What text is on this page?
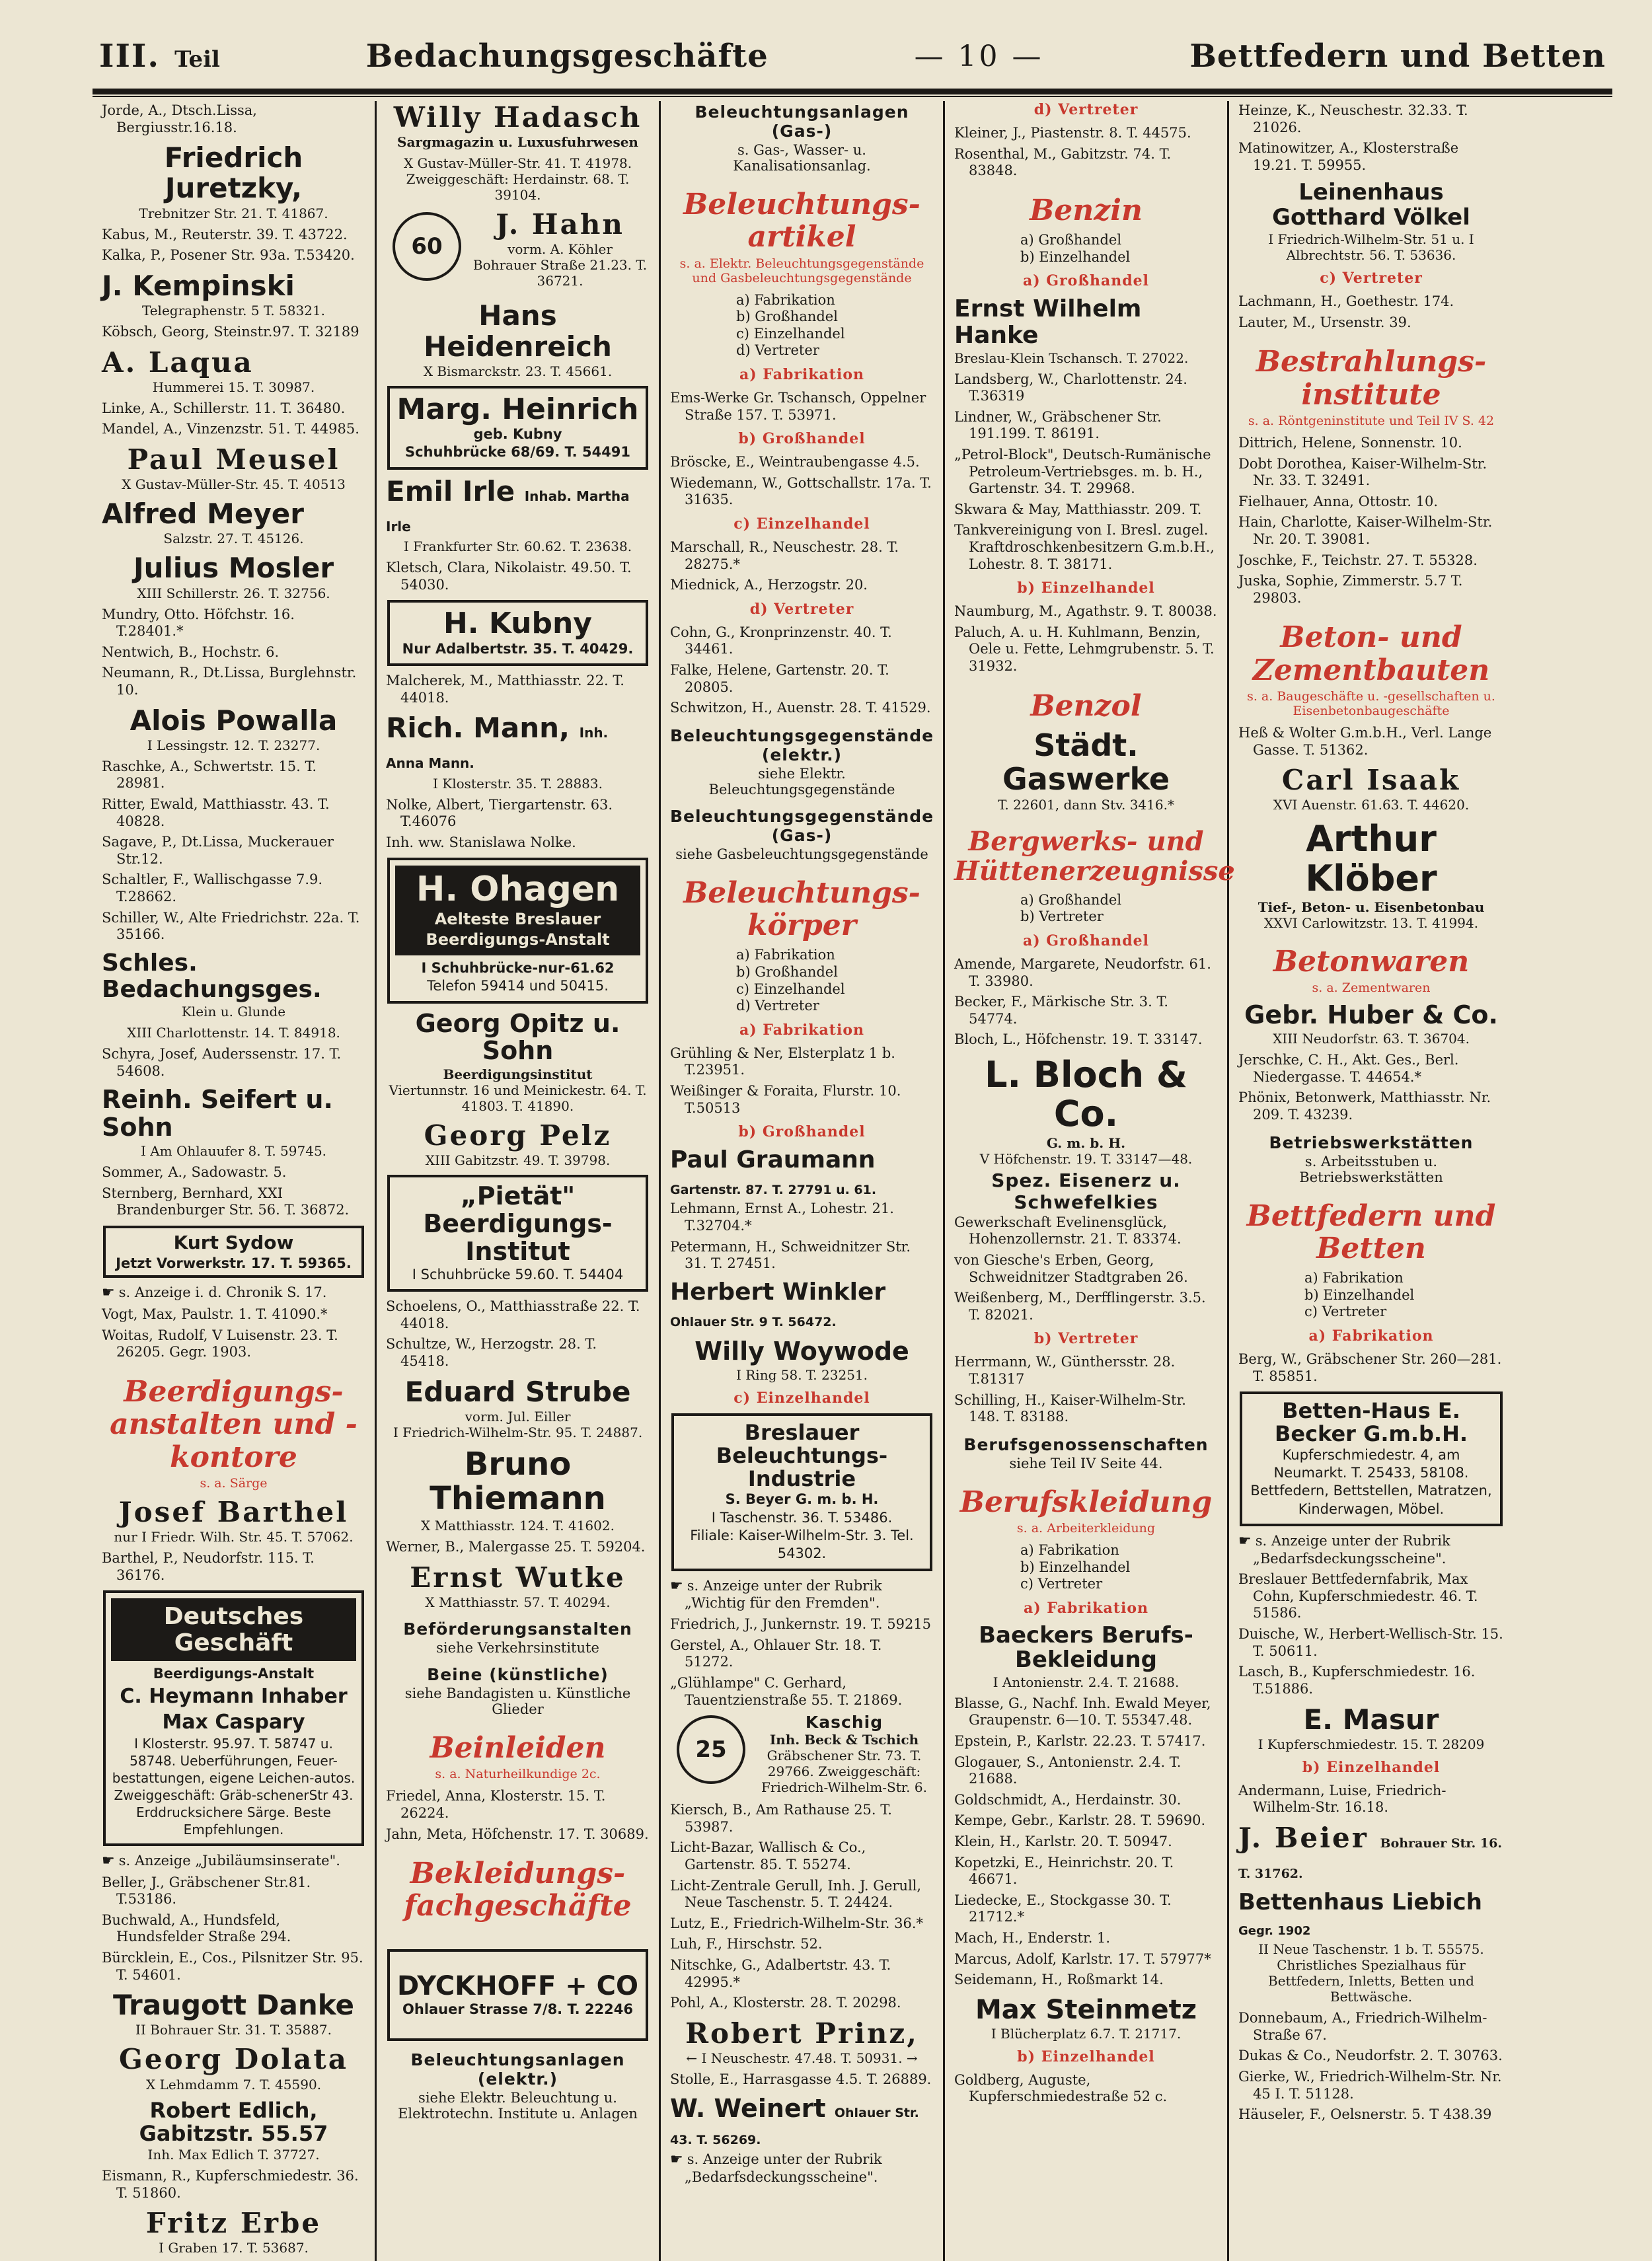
III. Teil	Bedachungsgeschäfte	— 10 —	Bettfedern und Betten
Jorde, A., Dtsch.Lissa, Bergiusstr.16.18.
Friedrich Juretzky,
Trebnitzer Str. 21. T. 41867.
Kabus, M., Reuterstr. 39. T. 43722.
Kalka, P., Posener Str. 93a. T.53420.
J. Kempinski
Telegraphenstr. 5 T. 58321.
Köbsch, Georg, Steinstr.97. T. 32189
A. Laqua
Hummerei 15. T. 30987.
Linke, A., Schillerstr. 11. T. 36480.
Mandel, A., Vinzenzstr. 51. T. 44985.
Paul Meusel
X Gustav-Müller-Str. 45. T. 40513
Alfred Meyer
Salzstr. 27. T. 45126.
Julius Mosler
XIII Schillerstr. 26. T. 32756.
Mundry, Otto. Höfchstr. 16. T.28401.*
Nentwich, B., Hochstr. 6.
Neumann, R., Dt.Lissa, Burglehnstr. 10.
Alois Powalla
I Lessingstr. 12. T. 23277.
Raschke, A., Schwertstr. 15. T. 28981.
Ritter, Ewald, Matthiasstr. 43. T. 40828.
Sagave, P., Dt.Lissa, Muckerauer Str.12.
Schaltler, F., Wallischgasse 7.9. T.28662.
Schiller, W., Alte Friedrichstr. 22a. T. 35166.
Schles. Bedachungsges.
Klein u. Glunde
XIII Charlottenstr. 14. T. 84918.
Schyra, Josef, Auderssenstr. 17. T. 54608.
Reinh. Seifert u. Sohn
I Am Ohlauufer 8. T. 59745.
Sommer, A., Sadowastr. 5.
Sternberg, Bernhard, XXI Brandenburger Str. 56. T. 36872.
Kurt Sydow
Jetzt Vorwerkstr. 17. T. 59365.
☛ s. Anzeige i. d. Chronik S. 17.
Vogt, Max, Paulstr. 1. T. 41090.*
Woitas, Rudolf, V Luisenstr. 23. T. 26205. Gegr. 1903.
Beerdigungs-anstalten und -kontore
s. a. Särge
Josef Barthel
nur I Friedr. Wilh. Str. 45. T. 57062.
Barthel, P., Neudorfstr. 115. T. 36176.
Deutsches Geschäft
Beerdigungs-Anstalt
C. Heymann Inhaber Max Caspary
I Klosterstr. 95.97. T. 58747 u. 58748. Ueberführungen, Feuer-bestattungen, eigene Leichen-autos. Zweiggeschäft: Gräb-schenerStr 43. Erddrucksichere Särge. Beste Empfehlungen.
☛ s. Anzeige „Jubiläumsinserate".
Beller, J., Gräbschener Str.81. T.53186.
Buchwald, A., Hundsfeld, Hundsfelder Straße 294.
Bürcklein, E., Cos., Pilsnitzer Str. 95. T. 54601.
Traugott Danke
II Bohrauer Str. 31. T. 35887.
Georg Dolata
X Lehmdamm 7. T. 45590.
Robert Edlich, Gabitzstr. 55.57
Inh. Max Edlich T. 37727.
Eismann, R., Kupferschmiedestr. 36. T. 51860.
Fritz Erbe
I Graben 17. T. 53687.
Willy Hadasch
Sargmagazin u. Luxusfuhrwesen
X Gustav-Müller-Str. 41. T. 41978.
Zweiggeschäft: Herdainstr. 68. T. 39104.
60
J. Hahn
vorm. A. Köhler
Bohrauer Straße 21.23. T. 36721.
Hans Heidenreich
X Bismarckstr. 23. T. 45661.
Marg. Heinrich
geb. Kubny
Schuhbrücke 68/69. T. 54491
Emil Irle Inhab. Martha Irle
I Frankfurter Str. 60.62. T. 23638.
Kletsch, Clara, Nikolaistr. 49.50. T. 54030.
H. Kubny
Nur Adalbertstr. 35. T. 40429.
Malcherek, M., Matthiasstr. 22. T. 44018.
Rich. Mann, Inh. Anna Mann.
I Klosterstr. 35. T. 28883.
Nolke, Albert, Tiergartenstr. 63. T.46076
Inh. ww. Stanislawa Nolke.
H. Ohagen
Aelteste Breslauer
Beerdigungs-Anstalt
I Schuhbrücke-nur-61.62
Telefon 59414 und 50415.
Georg Opitz u. Sohn
Beerdigungsinstitut
Viertunnstr. 16 und Meinickestr. 64. T. 41803. T. 41890.
Georg Pelz
XIII Gabitzstr. 49. T. 39798.
„Pietät" Beerdigungs-Institut
I Schuhbrücke 59.60. T. 54404
Schoelens, O., Matthiasstraße 22. T. 44018.
Schultze, W., Herzogstr. 28. T. 45418.
Eduard Strube
vorm. Jul. Eiller
I Friedrich-Wilhelm-Str. 95. T. 24887.
Bruno Thiemann
X Matthiasstr. 124. T. 41602.
Werner, B., Malergasse 25. T. 59204.
Ernst Wutke
X Matthiasstr. 57. T. 40294.
Beförderungsanstalten
siehe Verkehrsinstitute
Beine (künstliche)
siehe Bandagisten u. Künstliche Glieder
Beinleiden
s. a. Naturheilkundige 2c.
Friedel, Anna, Klosterstr. 15. T. 26224.
Jahn, Meta, Höfchenstr. 17. T. 30689.
Bekleidungs-fachgeschäfte
DYCKHOFF + CO
Ohlauer Strasse 7/8. T. 22246
Beleuchtungsanlagen (elektr.)
siehe Elektr. Beleuchtung u. Elektrotechn. Institute u. Anlagen
Beleuchtungsanlagen (Gas-)
s. Gas-, Wasser- u. Kanalisationsanlag.
Beleuchtungs-artikel
s. a. Elektr. Beleuchtungsgegenstände und Gasbeleuchtungsgegenstände
a) Fabrikation
b) Großhandel
c) Einzelhandel
d) Vertreter
a) Fabrikation
Ems-Werke Gr. Tschansch, Oppelner Straße 157. T. 53971.
b) Großhandel
Bröscke, E., Weintraubengasse 4.5.
Wiedemann, W., Gottschallstr. 17a. T. 31635.
c) Einzelhandel
Marschall, R., Neuschestr. 28. T. 28275.*
Miednick, A., Herzogstr. 20.
d) Vertreter
Cohn, G., Kronprinzenstr. 40. T. 34461.
Falke, Helene, Gartenstr. 20. T. 20805.
Schwitzon, H., Auenstr. 28. T. 41529.
Beleuchtungsgegenstände (elektr.)
siehe Elektr. Beleuchtungsgegenstände
Beleuchtungsgegenstände (Gas-)
siehe Gasbeleuchtungsgegenstände
Beleuchtungs-körper
a) Fabrikation
b) Großhandel
c) Einzelhandel
d) Vertreter
a) Fabrikation
Grühling & Ner, Elsterplatz 1 b. T.23951.
Weißinger & Foraita, Flurstr. 10. T.50513
b) Großhandel
Paul Graumann Gartenstr. 87. T. 27791 u. 61.
Lehmann, Ernst A., Lohestr. 21. T.32704.*
Petermann, H., Schweidnitzer Str. 31. T. 27451.
Herbert Winkler Ohlauer Str. 9 T. 56472.
Willy Woywode
I Ring 58. T. 23251.
c) Einzelhandel
Breslauer
Beleuchtungs-Industrie
S. Beyer G. m. b. H.
I Taschenstr. 36. T. 53486.
Filiale: Kaiser-Wilhelm-Str. 3. Tel. 54302.
☛ s. Anzeige unter der Rubrik „Wichtig für den Fremden".
Friedrich, J., Junkernstr. 19. T. 59215
Gerstel, A., Ohlauer Str. 18. T. 51272.
„Glühlampe" C. Gerhard, Tauentzienstraße 55. T. 21869.
25
Kaschig
Inh. Beck & Tschich
Gräbschener Str. 73. T. 29766. Zweiggeschäft: Friedrich-Wilhelm-Str. 6.
Kiersch, B., Am Rathause 25. T. 53987.
Licht-Bazar, Wallisch & Co., Gartenstr. 85. T. 55274.
Licht-Zentrale Gerull, Inh. J. Gerull, Neue Taschenstr. 5. T. 24424.
Lutz, E., Friedrich-Wilhelm-Str. 36.*
Luh, F., Hirschstr. 52.
Nitschke, G., Adalbertstr. 43. T. 42995.*
Pohl, A., Klosterstr. 28. T. 20298.
Robert Prinz,
← I Neuschestr. 47.48. T. 50931. →
Stolle, E., Harrasgasse 4.5. T. 26889.
W. Weinert Ohlauer Str. 43. T. 56269.
☛ s. Anzeige unter der Rubrik „Bedarfsdeckungsscheine".
d) Vertreter
Kleiner, J., Piastenstr. 8. T. 44575.
Rosenthal, M., Gabitzstr. 74. T. 83848.
Benzin
a) Großhandel
b) Einzelhandel
a) Großhandel
Ernst Wilhelm Hanke
Breslau-Klein Tschansch. T. 27022.
Landsberg, W., Charlottenstr. 24. T.36319
Lindner, W., Gräbschener Str. 191.199. T. 86191.
„Petrol-Block", Deutsch-Rumänische Petroleum-Vertriebsges. m. b. H., Gartenstr. 34. T. 29968.
Skwara & May, Matthiasstr. 209. T.
Tankvereinigung von I. Bresl. zugel. Kraftdroschkenbesitzern G.m.b.H., Lohestr. 8. T. 38171.
b) Einzelhandel
Naumburg, M., Agathstr. 9. T. 80038.
Paluch, A. u. H. Kuhlmann, Benzin, Oele u. Fette, Lehmgrubenstr. 5. T. 31932.
Benzol
Städt. Gaswerke
T. 22601, dann Stv. 3416.*
Bergwerks- und Hüttenerzeugnisse
a) Großhandel
b) Vertreter
a) Großhandel
Amende, Margarete, Neudorfstr. 61. T. 33980.
Becker, F., Märkische Str. 3. T. 54774.
Bloch, L., Höfchenstr. 19. T. 33147.
L. Bloch & Co.
G. m. b. H.
V Höfchenstr. 19. T. 33147—48.
Spez. Eisenerz u. Schwefelkies
Gewerkschaft Evelinensglück, Hohenzollernstr. 21. T. 83374.
von Giesche's Erben, Georg, Schweidnitzer Stadtgraben 26.
Weißenberg, M., Derfflingerstr. 3.5. T. 82021.
b) Vertreter
Herrmann, W., Günthersstr. 28. T.81317
Schilling, H., Kaiser-Wilhelm-Str. 148. T. 83188.
Berufsgenossenschaften
siehe Teil IV Seite 44.
Berufskleidung
s. a. Arbeiterkleidung
a) Fabrikation
b) Einzelhandel
c) Vertreter
a) Fabrikation
Baeckers Berufs-Bekleidung
I Antonienstr. 2.4. T. 21688.
Blasse, G., Nachf. Inh. Ewald Meyer, Graupenstr. 6—10. T. 55347.48.
Epstein, P., Karlstr. 22.23. T. 57417.
Glogauer, S., Antonienstr. 2.4. T. 21688.
Goldschmidt, A., Herdainstr. 30.
Kempe, Gebr., Karlstr. 28. T. 59690.
Klein, H., Karlstr. 20. T. 50947.
Kopetzki, E., Heinrichstr. 20. T. 46671.
Liedecke, E., Stockgasse 30. T. 21712.*
Mach, H., Enderstr. 1.
Marcus, Adolf, Karlstr. 17. T. 57977*
Seidemann, H., Roßmarkt 14.
Max Steinmetz
I Blücherplatz 6.7. T. 21717.
b) Einzelhandel
Goldberg, Auguste, Kupferschmiedestraße 52 c.
Heinze, K., Neuschestr. 32.33. T. 21026.
Matinowitzer, A., Klosterstraße 19.21. T. 59955.
Leinenhaus Gotthard Völkel
I Friedrich-Wilhelm-Str. 51 u. I Albrechtstr. 56. T. 53636.
c) Vertreter
Lachmann, H., Goethestr. 174.
Lauter, M., Ursenstr. 39.
Bestrahlungs-institute
s. a. Röntgeninstitute und Teil IV S. 42
Dittrich, Helene, Sonnenstr. 10.
Dobt Dorothea, Kaiser-Wilhelm-Str. Nr. 33. T. 32491.
Fielhauer, Anna, Ottostr. 10.
Hain, Charlotte, Kaiser-Wilhelm-Str. Nr. 20. T. 39081.
Joschke, F., Teichstr. 27. T. 55328.
Juska, Sophie, Zimmerstr. 5.7 T. 29803.
Beton- und Zementbauten
s. a. Baugeschäfte u. -gesellschaften u. Eisenbetonbaugeschäfte
Heß & Wolter G.m.b.H., Verl. Lange Gasse. T. 51362.
Carl Isaak
XVI Auenstr. 61.63. T. 44620.
Arthur Klöber
Tief-, Beton- u. Eisenbetonbau
XXVI Carlowitzstr. 13. T. 41994.
Betonwaren
s. a. Zementwaren
Gebr. Huber & Co.
XIII Neudorfstr. 63. T. 36704.
Jerschke, C. H., Akt. Ges., Berl. Niedergasse. T. 44654.*
Phönix, Betonwerk, Matthiasstr. Nr. 209. T. 43239.
Betriebswerkstätten
s. Arbeitsstuben u. Betriebswerkstätten
Bettfedern und Betten
a) Fabrikation
b) Einzelhandel
c) Vertreter
a) Fabrikation
Berg, W., Gräbschener Str. 260—281. T. 85851.
Betten-Haus E. Becker G.m.b.H.
Kupferschmiedestr. 4, am Neumarkt. T. 25433, 58108. Bettfedern, Bettstellen, Matratzen, Kinderwagen, Möbel.
☛ s. Anzeige unter der Rubrik „Bedarfsdeckungsscheine".
Breslauer Bettfedernfabrik, Max Cohn, Kupferschmiedestr. 46. T. 51586.
Duische, W., Herbert-Wellisch-Str. 15. T. 50611.
Lasch, B., Kupferschmiedestr. 16. T.51886.
E. Masur
I Kupferschmiedestr. 15. T. 28209
b) Einzelhandel
Andermann, Luise, Friedrich-Wilhelm-Str. 16.18.
J. Beier Bohrauer Str. 16. T. 31762.
Bettenhaus Liebich Gegr. 1902
II Neue Taschenstr. 1 b. T. 55575. Christliches Spezialhaus für Bettfedern, Inletts, Betten und Bettwäsche.
Donnebaum, A., Friedrich-Wilhelm-Straße 67.
Dukas & Co., Neudorfstr. 2. T. 30763.
Gierke, W., Friedrich-Wilhelm-Str. Nr. 45 I. T. 51128.
Häuseler, F., Oelsnerstr. 5. T 438.39
